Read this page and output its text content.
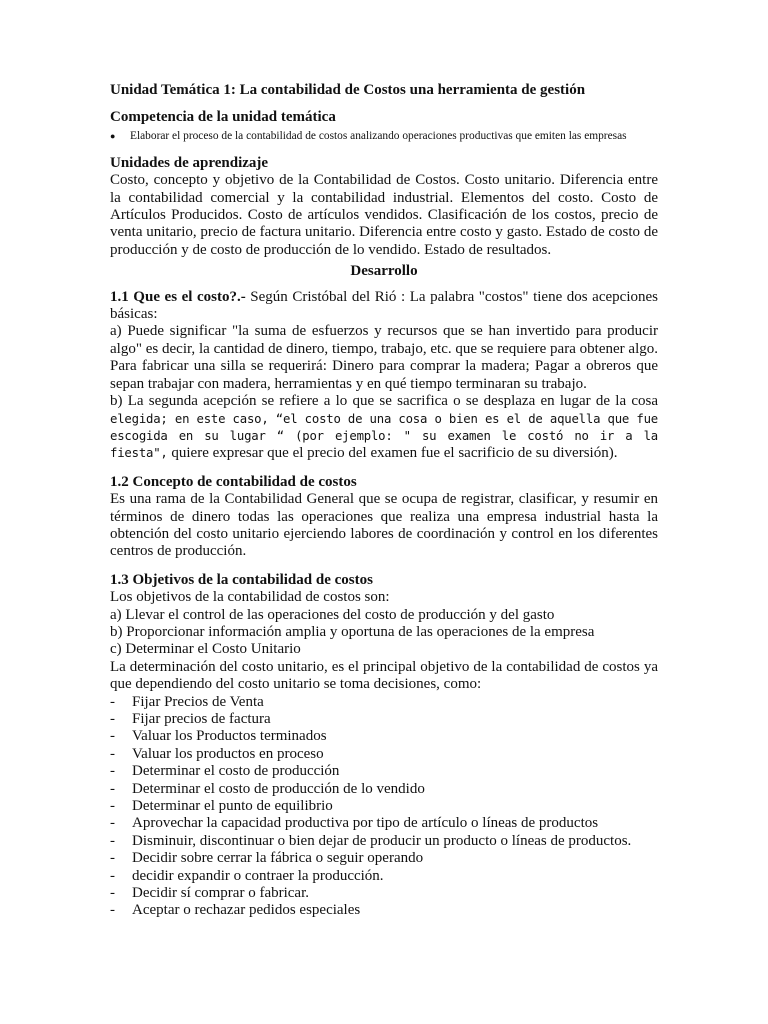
Unidad Temática 1: La contabilidad de Costos una herramienta de gestión

Competencia de la unidad temática

●	Elaborar el proceso de la contabilidad de costos analizando operaciones productivas que emiten las empresas

Unidades de aprendizaje

Costo, concepto y objetivo de la Contabilidad de Costos. Costo unitario. Diferencia entre la contabilidad comercial y la contabilidad industrial. Elementos del costo. Costo de Artículos Producidos. Costo de artículos vendidos. Clasificación de los costos, precio de venta unitario, precio de factura unitario. Diferencia entre costo y gasto. Estado de costo de producción y de costo de producción de lo vendido. Estado de resultados.

Desarrollo

1.1 Que es el costo?.- Según Cristóbal del Rió : La palabra "costos" tiene dos acepciones básicas:

a) Puede significar "la suma de esfuerzos y recursos que se han invertido para producir algo" es decir, la cantidad de dinero, tiempo, trabajo, etc. que se requiere para obtener algo. Para fabricar una silla se requerirá: Dinero para comprar la madera; Pagar a obreros que sepan trabajar con madera, herramientas y en qué tiempo terminaran su trabajo.

b) La segunda acepción se refiere a lo que se sacrifica o se desplaza en lugar de la cosa elegida; en este caso, “el costo de una cosa o bien es el de aquella que fue escogida en su lugar “ (por ejemplo: " su examen le costó no ir a la fiesta", quiere expresar que el precio del examen fue el sacrificio de su diversión).

1.2 Concepto de contabilidad de costos

Es una rama de la Contabilidad General que se ocupa de registrar, clasificar, y resumir en términos de dinero todas las operaciones que realiza una empresa industrial hasta la obtención del costo unitario ejerciendo labores de coordinación y control en los diferentes centros de producción.

1.3 Objetivos de la contabilidad de costos

Los objetivos de la contabilidad de costos son:

a) Llevar el control de las operaciones del costo de producción y del gasto

b) Proporcionar información amplia y oportuna de las operaciones de la empresa

c) Determinar el Costo Unitario

La determinación del costo unitario, es el principal objetivo de la contabilidad de costos ya que dependiendo del costo unitario se toma decisiones, como:

-	Fijar Precios de Venta
-	Fijar precios de factura
-	Valuar los Productos terminados
-	Valuar los productos en proceso
-	Determinar el costo de producción
-	Determinar el costo de producción de lo vendido
-	Determinar el punto de equilibrio
-	Aprovechar la capacidad productiva por tipo de artículo o líneas de productos
-	Disminuir, discontinuar o bien dejar de producir un producto o líneas de productos.
-	Decidir sobre cerrar la fábrica o seguir operando
-	decidir expandir o contraer la producción.
-	Decidir sí comprar o fabricar.
-	Aceptar o rechazar pedidos especiales
